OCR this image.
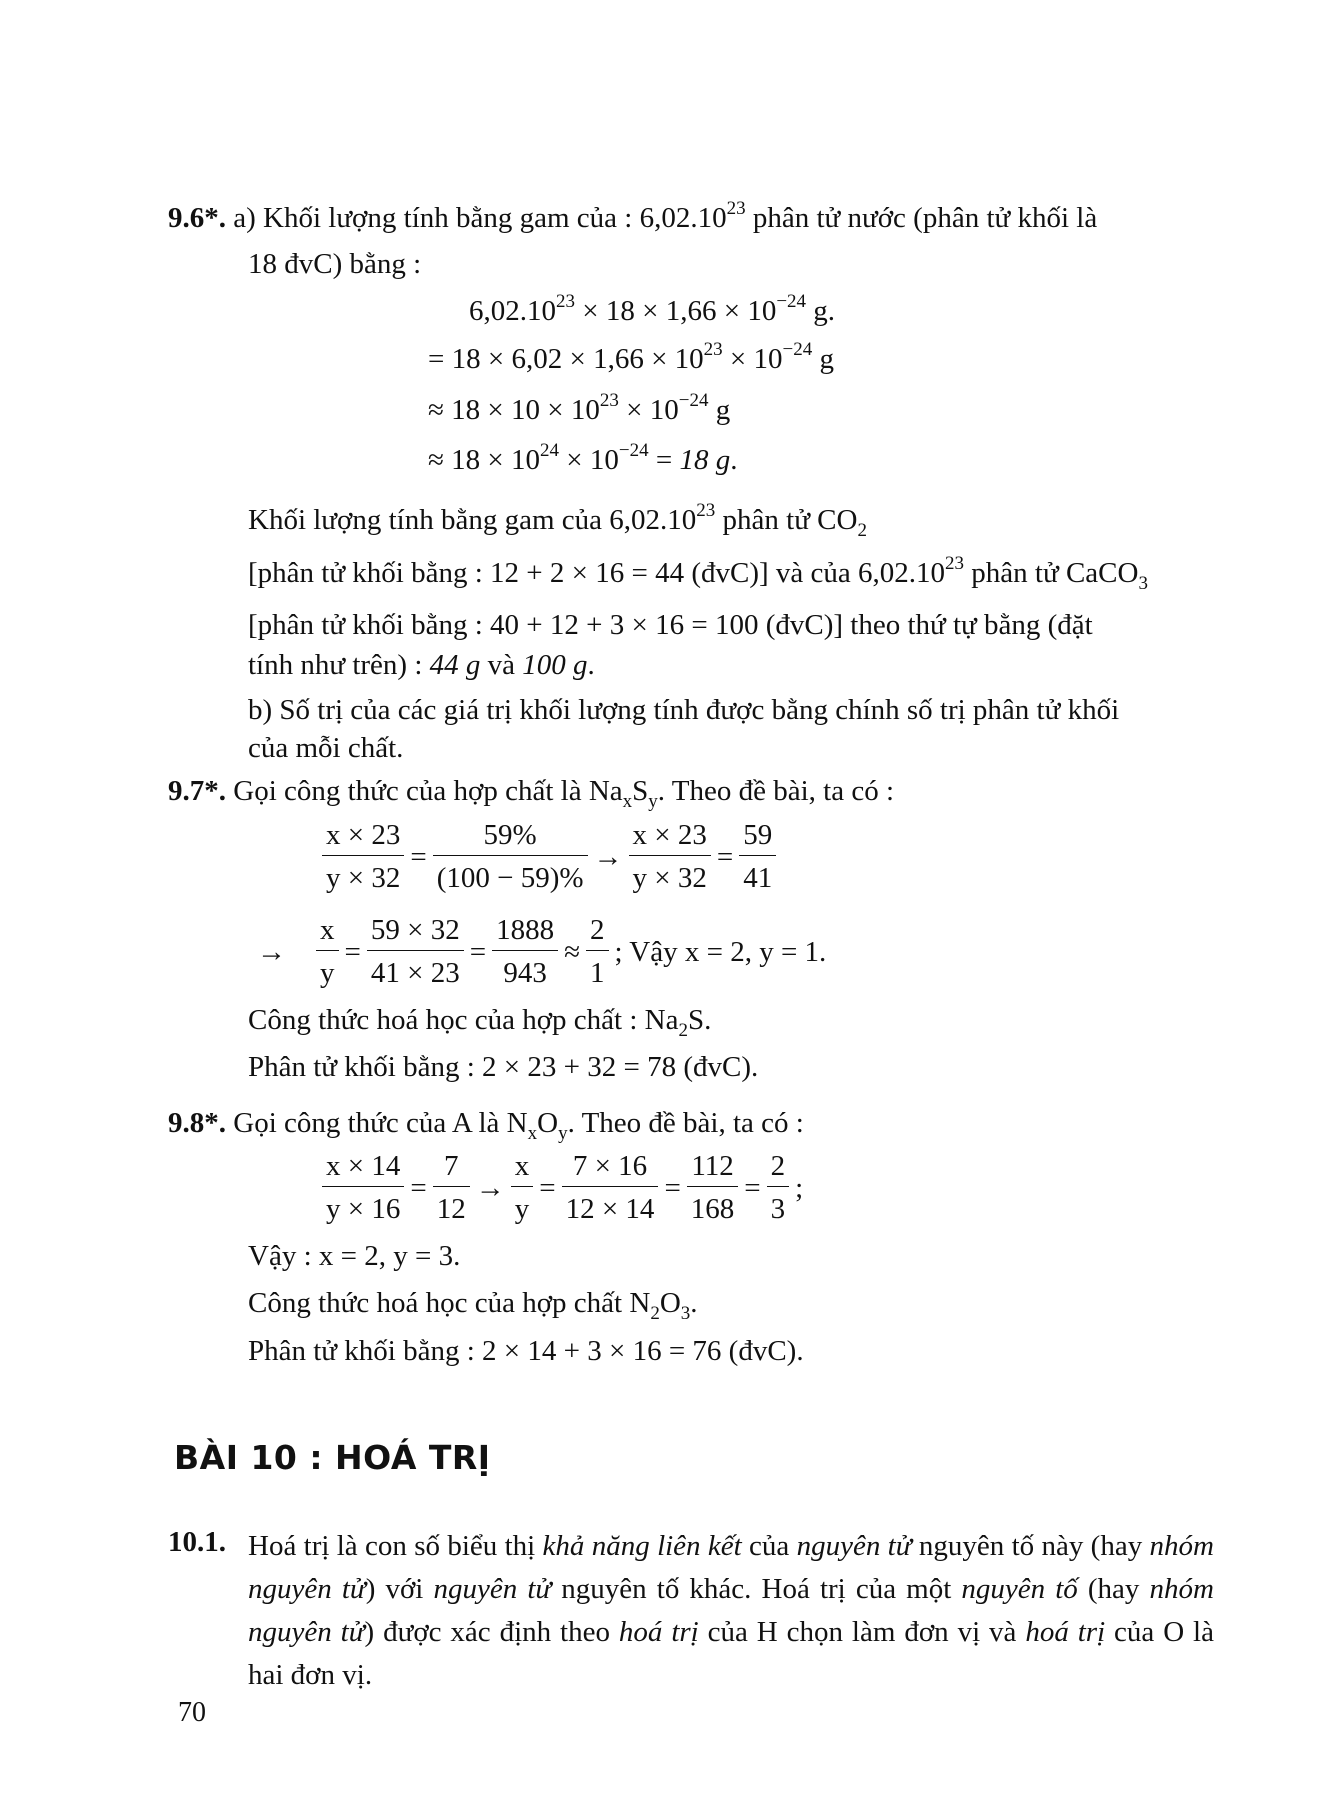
9.6*. a) Khối lượng tính bằng gam của : 6,02.10$^{23}$ phân tử nước (phân tử khối là
18 đvC) bằng :
$6,02.10^{23} \times 18 \times 1,66 \times 10^{-24}$ g.
= $18 \times 6,02 \times 1,66 \times 10^{23} \times 10^{-24}$ g
≈ $18 \times 10 \times 10^{23} \times 10^{-24}$ g
≈ $18 \times 10^{24} \times 10^{-24} = 18$ g.
Khối lượng tính bằng gam của 6,02.10$^{23}$ phân tử $CO_2$
[phân tử khối bằng : 12 + 2 × 16 = 44 (đvC)] và của 6,02.10$^{23}$ phân tử CaCO$_3$
[phân tử khối bằng : 40 + 12 + 3 × 16 = 100 (đvC)] theo thứ tự bằng (đặt
tính như trên) : 44 g và 100 g.
b) Số trị của các giá trị khối lượng tính được bằng chính số trị phân tử khối
của mỗi chất.
9.7*. Gọi công thức của hợp chất là $Na_xS_y$. Theo đề bài, ta có :
$\frac{x \times 23}{y \times 32} = \frac{59\%}{(100 - 59)\%} \to \frac{x \times 23}{y \times 32} = \frac{59}{41}$
→ $\frac{x}{y} = \frac{59 \times 32}{41 \times 23} = \frac{1888}{943} \approx \frac{2}{1}$ ; Vậy x = 2, y = 1.
Công thức hoá học của hợp chất : $Na_2S$.
Phân tử khối bằng : 2 × 23 + 32 = 78 (đvC).
9.8*. Gọi công thức của A là $N_xO_y$. Theo đề bài, ta có :
$\frac{x \times 14}{y \times 16} = \frac{7}{12} \to \frac{x}{y} = \frac{7 \times 16}{12 \times 14} = \frac{112}{168} = \frac{2}{3}$ ;
Vậy : x = 2, y = 3.
Công thức hoá học của hợp chất $N_2O_3$.
Phân tử khối bằng : 2 × 14 + 3 × 16 = 76 (đvC).
BÀI 10 : HOÁ TRỊ
10.1. Hoá trị là con số biểu thị khả năng liên kết của nguyên tử nguyên tố này (hay nhóm nguyên tử) với nguyên tử nguyên tố khác. Hoá trị của một nguyên tố (hay nhóm nguyên tử) được xác định theo hoá trị của H chọn làm đơn vị và hoá trị của O là hai đơn vị.
70
